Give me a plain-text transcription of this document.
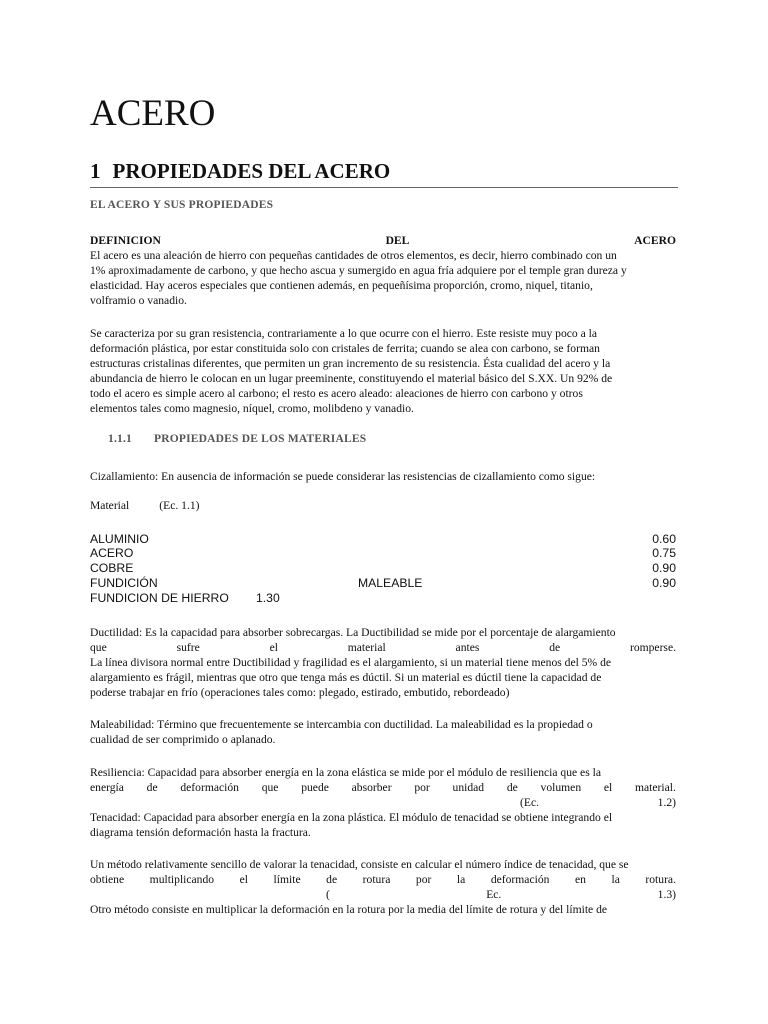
ACERO
1 PROPIEDADES DEL ACERO
EL ACERO Y SUS PROPIEDADES
DEFINICION	DEL	ACERO
El acero es una aleación de hierro con pequeñas cantidades de otros elementos, es decir, hierro combinado con un
1% aproximadamente de carbono, y que hecho ascua y sumergido en agua fría adquiere por el temple gran dureza y
elasticidad. Hay aceros especiales que contienen además, en pequeñísima proporción, cromo, niquel, titanio,
volframio o vanadio.
Se caracteriza por su gran resistencia, contrariamente a lo que ocurre con el hierro. Este resiste muy poco a la
deformación plástica, por estar constituida solo con cristales de ferrita; cuando se alea con carbono, se forman
estructuras cristalinas diferentes, que permiten un gran incremento de su resistencia. Ésta cualidad del acero y la
abundancia de hierro le colocan en un lugar preeminente, constituyendo el material básico del S.XX. Un 92% de
todo el acero es simple acero al carbono; el resto es acero aleado: aleaciones de hierro con carbono y otros
elementos tales como magnesio, níquel, cromo, molibdeno y vanadio.
1.1.1 PROPIEDADES DE LOS MATERIALES
Cizallamiento: En ausencia de información se puede considerar las resistencias de cizallamiento como sigue:
Material	(Ec. 1.1)
ALUMINIO	0.60
ACERO	0.75
COBRE	0.90
FUNDICIÓN	MALEABLE	0.90
FUNDICION DE HIERRO 1.30
Ductilidad: Es la capacidad para absorber sobrecargas. La Ductibilidad se mide por el porcentaje de alargamiento
que	sufre	el	material	antes	de	romperse.
La línea divisora normal entre Ductibilidad y fragilidad es el alargamiento, si un material tiene menos del 5% de
alargamiento es frágil, mientras que otro que tenga más es dúctil. Si un material es dúctil tiene la capacidad de
poderse trabajar en frío (operaciones tales como: plegado, estirado, embutido, rebordeado)
Maleabilidad: Término que frecuentemente se intercambia con ductilidad. La maleabilidad es la propiedad o
cualidad de ser comprimido o aplanado.
Resiliencia: Capacidad para absorber energía en la zona elástica se mide por el módulo de resiliencia que es la
energía de deformación que puede absorber por unidad de volumen el material.
(Ec.	1.2)
Tenacidad: Capacidad para absorber energía en la zona plástica. El módulo de tenacidad se obtiene integrando el
diagrama tensión deformación hasta la fractura.
Un método relativamente sencillo de valorar la tenacidad, consiste en calcular el número índice de tenacidad, que se
obtiene multiplicando el límite de rotura por la deformación en la rotura.
(	Ec.	1.3)
Otro método consiste en multiplicar la deformación en la rotura por la media del límite de rotura y del límite de
